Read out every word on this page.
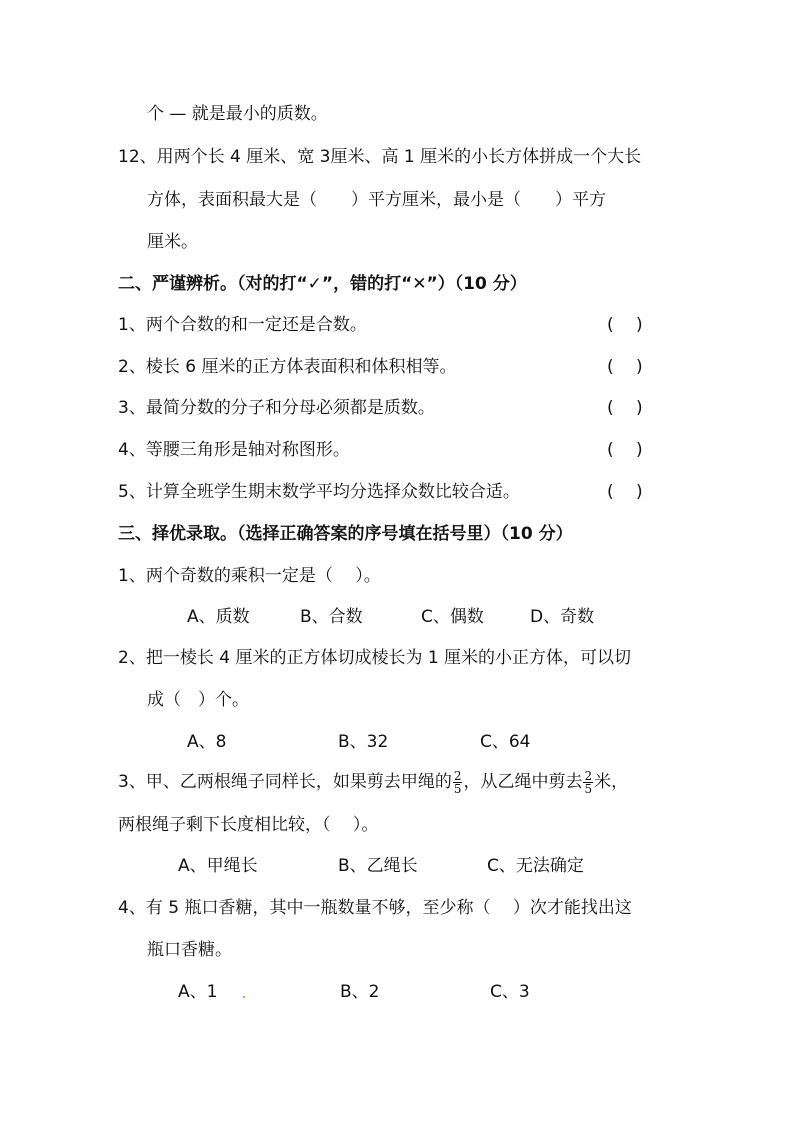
个 — 就是最小的质数。
12、用两个长 4 厘米、宽 3厘米、高 1 厘米的小长方体拼成一个大长
方体，表面积最大是（　　）平方厘米，最小是（　　）平方
厘米。
二、严谨辨析。（对的打“✓”，错的打“✕”）（10 分）
1、两个合数的和一定还是合数。	(　 )
2、棱长 6 厘米的正方体表面积和体积相等。	(　 )
3、最简分数的分子和分母必须都是质数。	(　 )
4、等腰三角形是轴对称图形。	(　 )
5、计算全班学生期末数学平均分选择众数比较合适。	(　 )
三、择优录取。（选择正确答案的序号填在括号里）（10 分）
1、两个奇数的乘积一定是（　 ）。
A、质数	B、合数	C、偶数	D、奇数
2、把一棱长 4 厘米的正方体切成棱长为 1 厘米的小正方体，可以切
成（　）个。
A、8	B、32	C、64
3、甲、乙两根绳子同样长，如果剪去甲绳的 $\frac{2}{5}$ ，从乙绳中剪去 $\frac{2}{5}$ 米，
两根绳子剩下长度相比较，（　 ）。
A、甲绳长	B、乙绳长	C、无法确定
4、有 5 瓶口香糖，其中一瓶数量不够，至少称（　 ）次才能找出这
瓶口香糖。
A、1	B、2	C、3
